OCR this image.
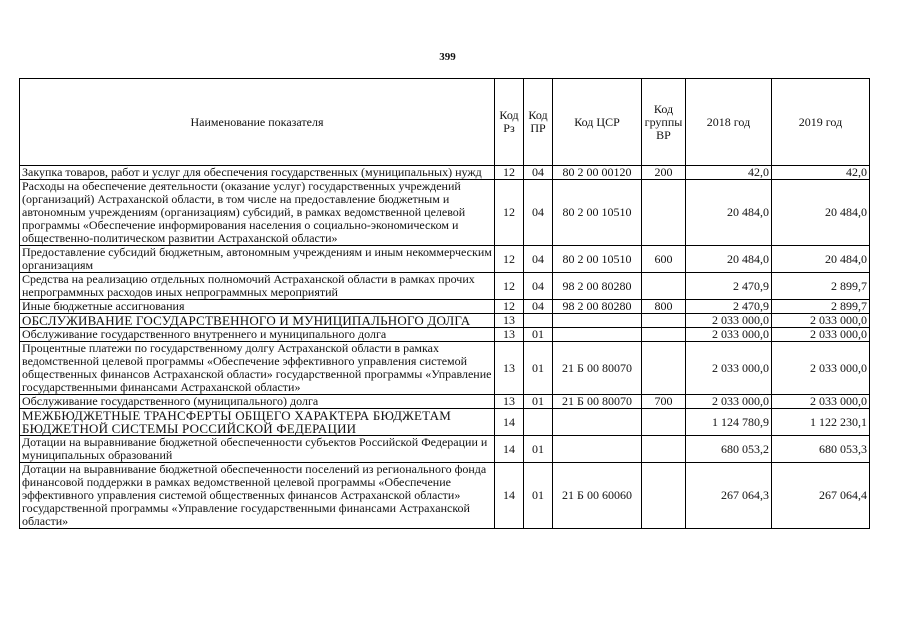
399
Наименование показателя	Код Рз	Код ПР	Код ЦСР	Код группы ВР	2018 год	2019 год
Закупка товаров, работ и услуг для обеспечения государственных (муниципальных) нужд	12	04	80 2 00 00120	200	42,0	42,0
Расходы на обеспечение деятельности (оказание услуг) государственных учреждений (организаций) Астраханской области, в том числе на предоставление бюджетным и автономным учреждениям (организациям) субсидий, в рамках ведомственной целевой программы «Обеспечение информирования населения о социально-экономическом и общественно-политическом развитии Астраханской области»	12	04	80 2 00 10510		20 484,0	20 484,0
Предоставление субсидий бюджетным, автономным учреждениям и иным некоммерческим организациям	12	04	80 2 00 10510	600	20 484,0	20 484,0
Средства на реализацию отдельных полномочий Астраханской области в рамках прочих непрограммных расходов иных непрограммных мероприятий	12	04	98 2 00 80280		2 470,9	2 899,7
Иные бюджетные ассигнования	12	04	98 2 00 80280	800	2 470,9	2 899,7
ОБСЛУЖИВАНИЕ ГОСУДАРСТВЕННОГО И МУНИЦИПАЛЬНОГО ДОЛГА	13				2 033 000,0	2 033 000,0
Обслуживание государственного внутреннего и муниципального долга	13	01			2 033 000,0	2 033 000,0
Процентные платежи по государственному долгу Астраханской области в рамках ведомственной целевой программы «Обеспечение эффективного управления системой общественных финансов Астраханской области» государственной программы «Управление государственными финансами Астраханской области»	13	01	21 Б 00 80070		2 033 000,0	2 033 000,0
Обслуживание государственного (муниципального) долга	13	01	21 Б 00 80070	700	2 033 000,0	2 033 000,0
МЕЖБЮДЖЕТНЫЕ ТРАНСФЕРТЫ ОБЩЕГО ХАРАКТЕРА БЮДЖЕТАМ БЮДЖЕТНОЙ СИСТЕМЫ РОССИЙСКОЙ ФЕДЕРАЦИИ	14				1 124 780,9	1 122 230,1
Дотации на выравнивание бюджетной обеспеченности субъектов Российской Федерации и муниципальных образований	14	01			680 053,2	680 053,3
Дотации на выравнивание бюджетной обеспеченности поселений из регионального фонда финансовой поддержки в рамках ведомственной целевой программы «Обеспечение эффективного управления системой общественных финансов Астраханской области» государственной программы «Управление государственными финансами Астраханской области»	14	01	21 Б 00 60060		267 064,3	267 064,4
